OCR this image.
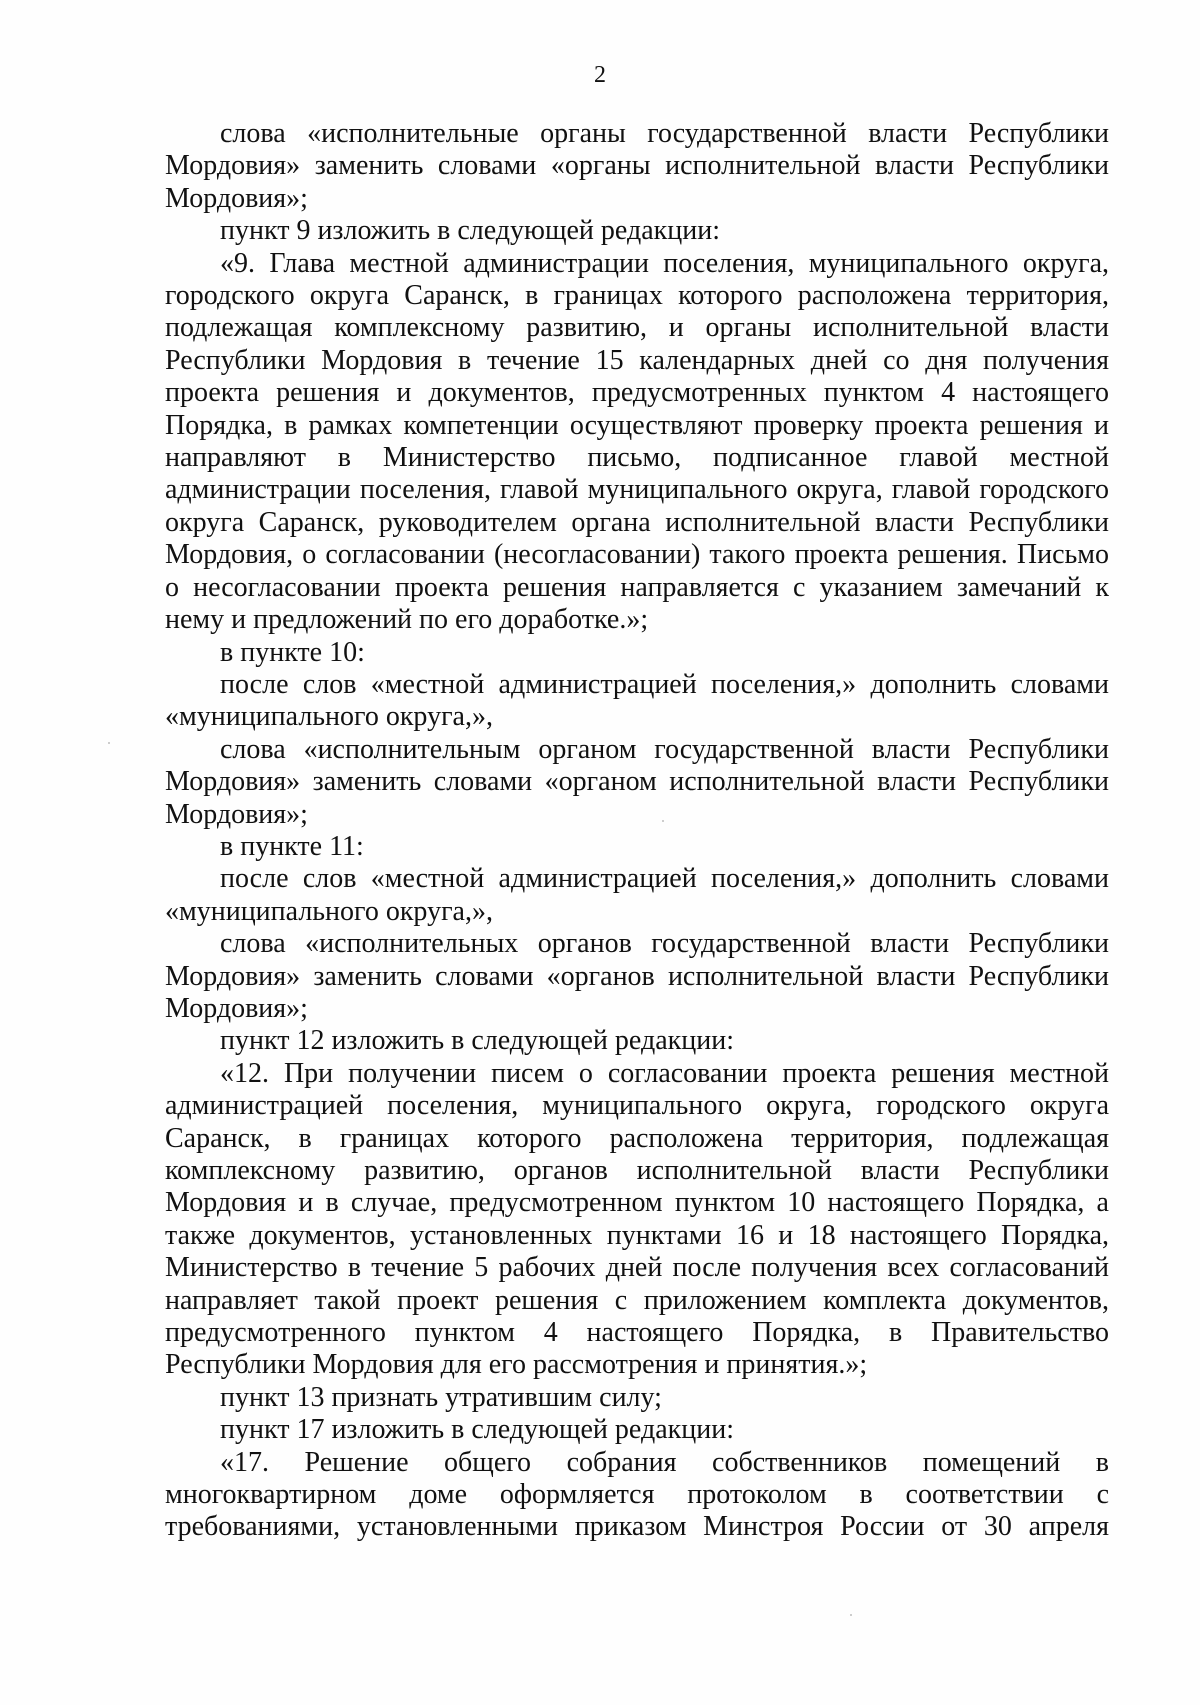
2

слова «исполнительные органы государственной власти Республики Мордовия» заменить словами «органы исполнительной власти Республики Мордовия»;

пункт 9 изложить в следующей редакции:

«9. Глава местной администрации поселения, муниципального округа, городского округа Саранск, в границах которого расположена территория, подлежащая комплексному развитию, и органы исполнительной власти Республики Мордовия в течение 15 календарных дней со дня получения проекта решения и документов, предусмотренных пунктом 4 настоящего Порядка, в рамках компетенции осуществляют проверку проекта решения и направляют в Министерство письмо, подписанное главой местной администрации поселения, главой муниципального округа, главой городского округа Саранск, руководителем органа исполнительной власти Республики Мордовия, о согласовании (несогласовании) такого проекта решения. Письмо о несогласовании проекта решения направляется с указанием замечаний к нему и предложений по его доработке.»;

в пункте 10:

после слов «местной администрацией поселения,» дополнить словами «муниципального округа,»,

слова «исполнительным органом государственной власти Республики Мордовия» заменить словами «органом исполнительной власти Республики Мордовия»;

в пункте 11:

после слов «местной администрацией поселения,» дополнить словами «муниципального округа,»,

слова «исполнительных органов государственной власти Республики Мордовия» заменить словами «органов исполнительной власти Республики Мордовия»;

пункт 12 изложить в следующей редакции:

«12. При получении писем о согласовании проекта решения местной администрацией поселения, муниципального округа, городского округа Саранск, в границах которого расположена территория, подлежащая комплексному развитию, органов исполнительной власти Республики Мордовия и в случае, предусмотренном пунктом 10 настоящего Порядка, а также документов, установленных пунктами 16 и 18 настоящего Порядка, Министерство в течение 5 рабочих дней после получения всех согласований направляет такой проект решения с приложением комплекта документов, предусмотренного пунктом 4 настоящего Порядка, в Правительство Республики Мордовия для его рассмотрения и принятия.»;

пункт 13 признать утратившим силу;

пункт 17 изложить в следующей редакции:

«17. Решение общего собрания собственников помещений в многоквартирном доме оформляется протоколом в соответствии с требованиями, установленными приказом Минстроя России от 30 апреля
